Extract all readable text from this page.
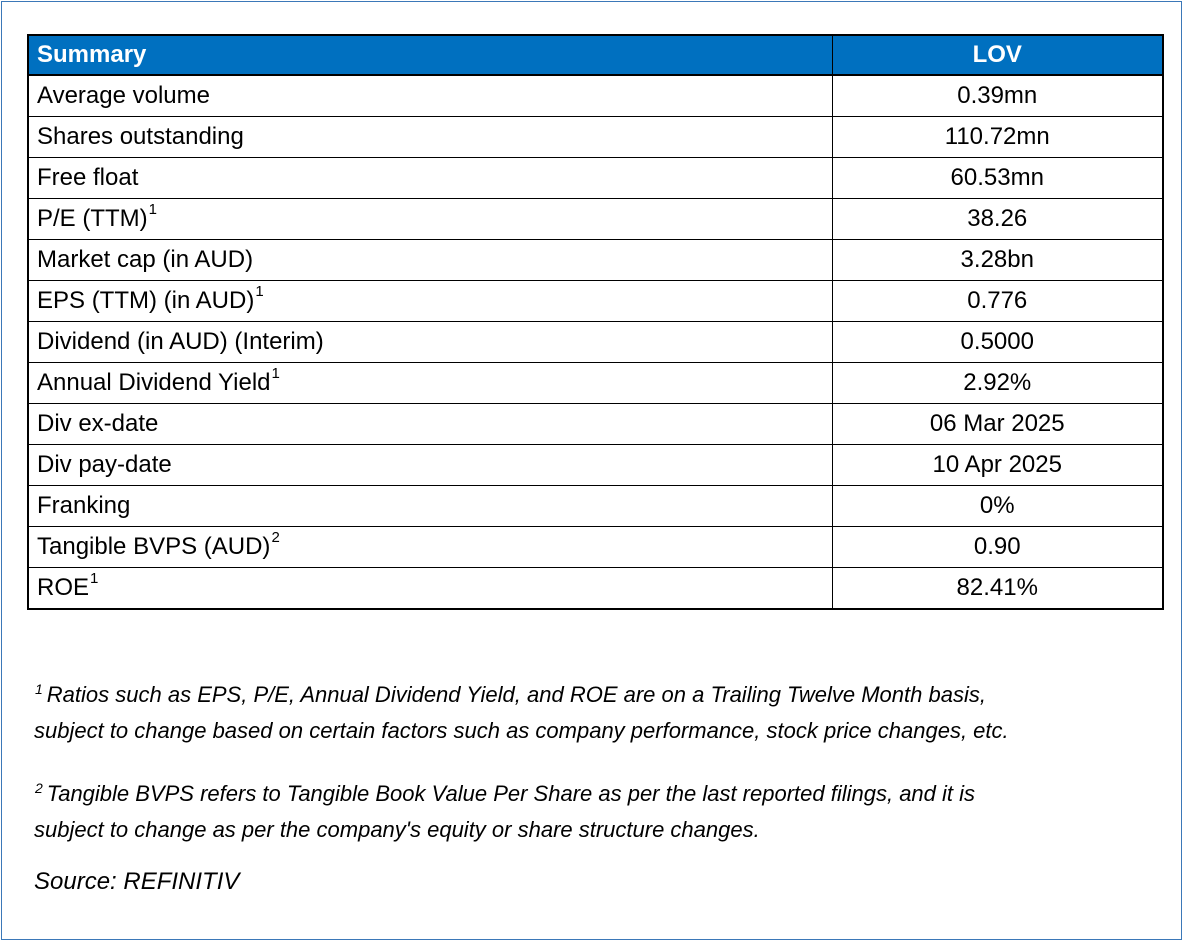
Summary	LOV
Average volume	0.39mn
Shares outstanding	110.72mn
Free float	60.53mn
P/E (TTM)$^1$	38.26
Market cap (in AUD)	3.28bn
EPS (TTM) (in AUD)$^1$	0.776
Dividend (in AUD) (Interim)	0.5000
Annual Dividend Yield$^1$	2.92%
Div ex-date	06 Mar 2025
Div pay-date	10 Apr 2025
Franking	0%
Tangible BVPS (AUD)$^2$	0.90
ROE$^1$	82.41%

$^1$ Ratios such as EPS, P/E, Annual Dividend Yield, and ROE are on a Trailing Twelve Month basis,

subject to change based on certain factors such as company performance, stock price changes, etc.

$^2$ Tangible BVPS refers to Tangible Book Value Per Share as per the last reported filings, and it is

subject to change as per the company's equity or share structure changes.

Source: REFINITIV
